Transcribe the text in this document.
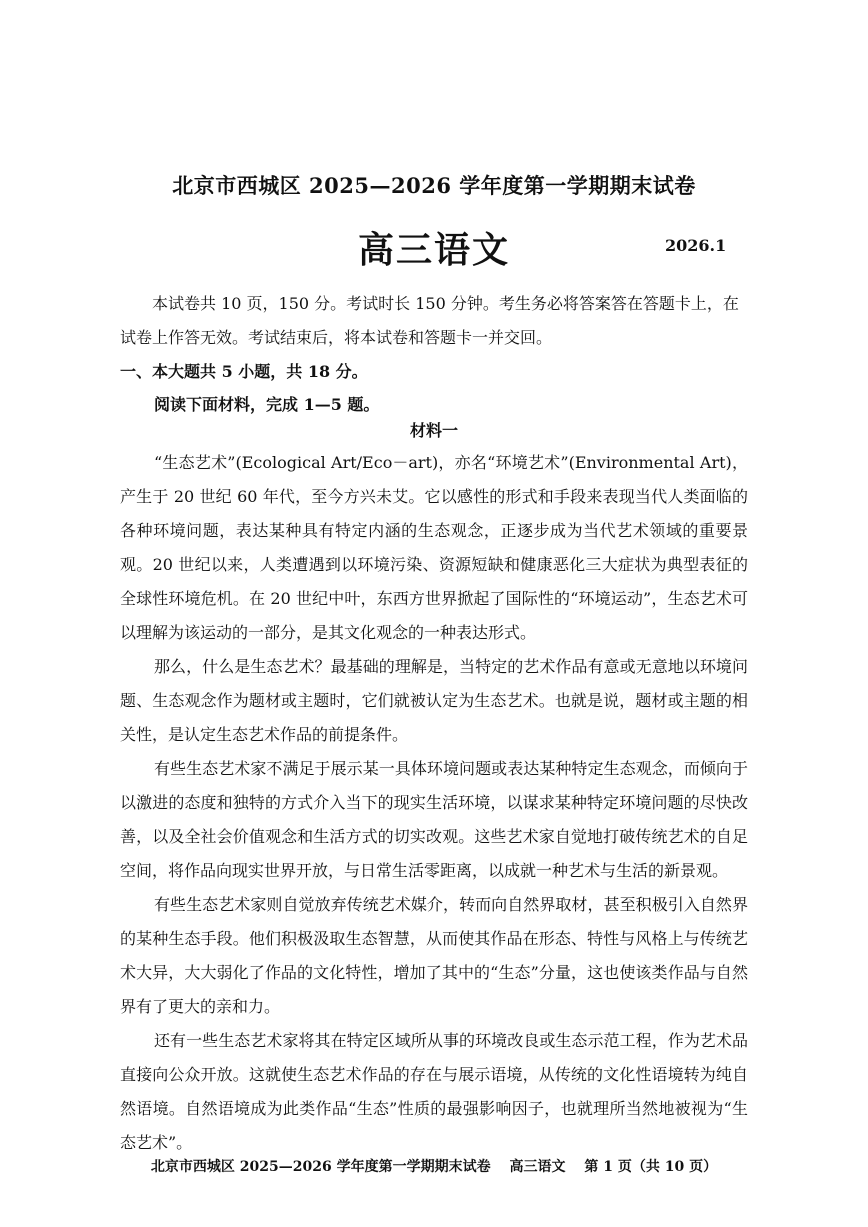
北京市西城区 2025—2026 学年度第一学期期末试卷
高三语文	2026.1
本试卷共 10 页，150 分。考试时长 150 分钟。考生务必将答案答在答题卡上，在试卷上作答无效。考试结束后，将本试卷和答题卡一并交回。
一、本大题共 5 小题，共 18 分。
阅读下面材料，完成 1—5 题。
材料一

“生态艺术”(Ecological Art/Eco－art)，亦名“环境艺术”(Environmental Art)，产生于 20 世纪 60 年代，至今方兴未艾。它以感性的形式和手段来表现当代人类面临的各种环境问题，表达某种具有特定内涵的生态观念，正逐步成为当代艺术领域的重要景观。20 世纪以来，人类遭遇到以环境污染、资源短缺和健康恶化三大症状为典型表征的全球性环境危机。在 20 世纪中叶，东西方世界掀起了国际性的“环境运动”，生态艺术可以理解为该运动的一部分，是其文化观念的一种表达形式。

那么，什么是生态艺术？最基础的理解是，当特定的艺术作品有意或无意地以环境问题、生态观念作为题材或主题时，它们就被认定为生态艺术。也就是说，题材或主题的相关性，是认定生态艺术作品的前提条件。

有些生态艺术家不满足于展示某一具体环境问题或表达某种特定生态观念，而倾向于以激进的态度和独特的方式介入当下的现实生活环境，以谋求某种特定环境问题的尽快改善，以及全社会价值观念和生活方式的切实改观。这些艺术家自觉地打破传统艺术的自足空间，将作品向现实世界开放，与日常生活零距离，以成就一种艺术与生活的新景观。

有些生态艺术家则自觉放弃传统艺术媒介，转而向自然界取材，甚至积极引入自然界的某种生态手段。他们积极汲取生态智慧，从而使其作品在形态、特性与风格上与传统艺术大异，大大弱化了作品的文化特性，增加了其中的“生态”分量，这也使该类作品与自然界有了更大的亲和力。

还有一些生态艺术家将其在特定区域所从事的环境改良或生态示范工程，作为艺术品直接向公众开放。这就使生态艺术作品的存在与展示语境，从传统的文化性语境转为纯自然语境。自然语境成为此类作品“生态”性质的最强影响因子，也就理所当然地被视为“生态艺术”。

北京市西城区 2025—2026 学年度第一学期期末试卷 高三语文 第 1 页（共 10 页）
